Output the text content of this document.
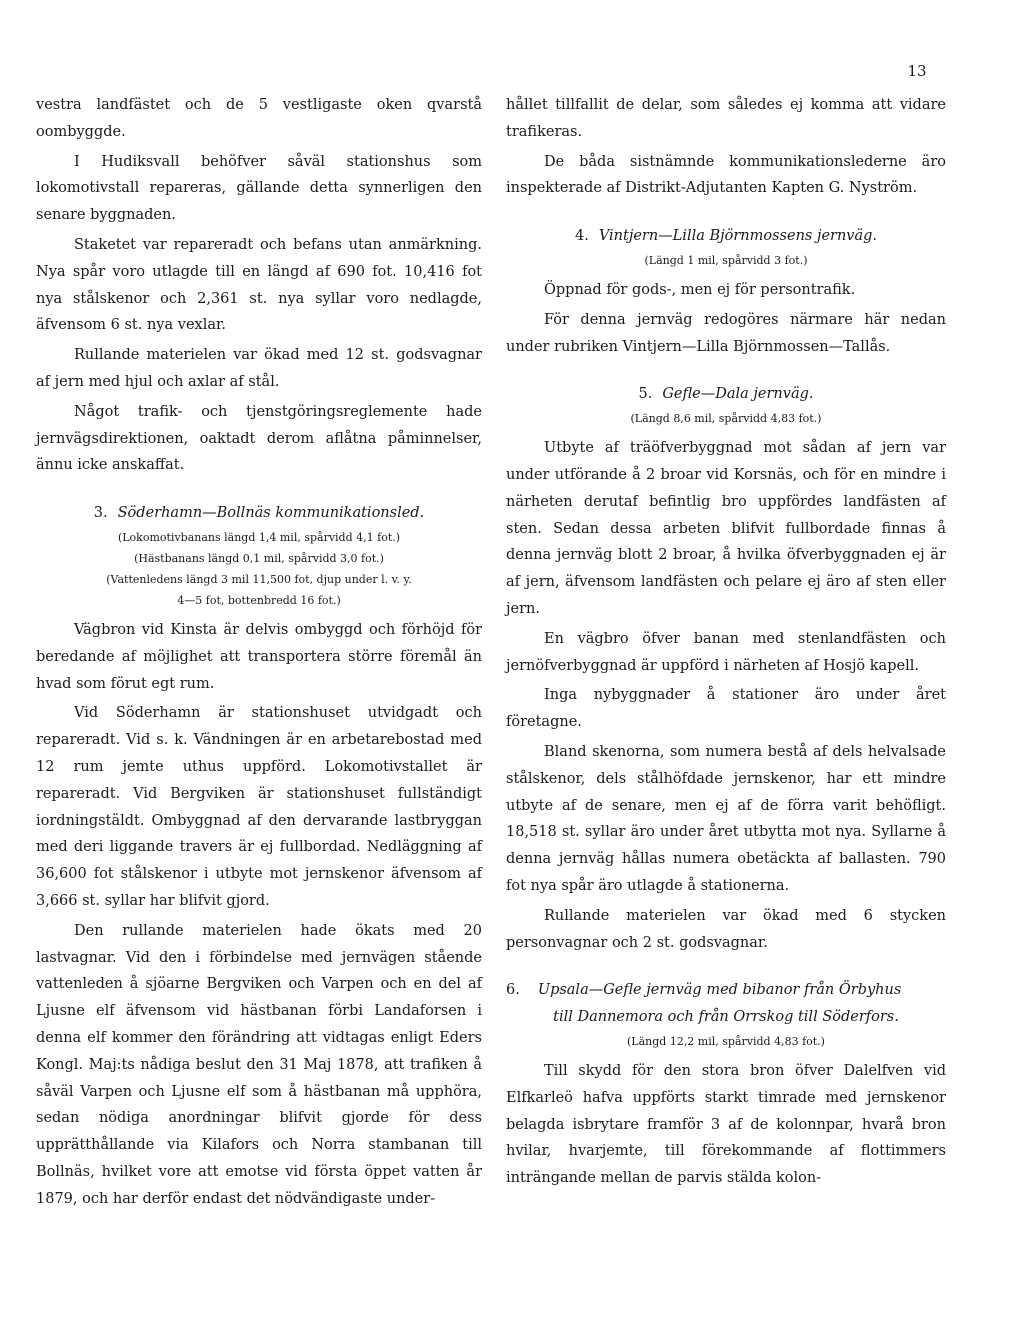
13

vestra landfästet och de 5 vestligaste oken qvarstå oombyggde.

I Hudiksvall behöfver såväl stationshus som lokomotivstall repareras, gällande detta synnerligen den senare byggnaden.

Staketet var repareradt och befans utan anmärkning. Nya spår voro utlagde till en längd af 690 fot. 10,416 fot nya stålskenor och 2,361 st. nya syllar voro nedlagde, äfvensom 6 st. nya vexlar.

Rullande materielen var ökad med 12 st. godsvagnar af jern med hjul och axlar af stål.

Något trafik- och tjenstgöringsreglemente hade jernvägsdirektionen, oaktadt derom aflåtna påminnelser, ännu icke anskaffat.

3. Söderhamn—Bollnäs kommunikationsled.

(Lokomotivbanans längd 1,4 mil, spårvidd 4,1 fot.)

(Hästbanans längd 0,1 mil, spårvidd 3,0 fot.)

(Vattenledens längd 3 mil 11,500 fot, djup under l. v. y.

4—5 fot, bottenbredd 16 fot.)

Vägbron vid Kinsta är delvis ombyggd och förhöjd för beredande af möjlighet att transportera större föremål än hvad som förut egt rum.

Vid Söderhamn är stationshuset utvidgadt och repareradt. Vid s. k. Vändningen är en arbetarebostad med 12 rum jemte uthus uppförd. Lokomotivstallet är repareradt. Vid Bergviken är stationshuset fullständigt iordningstäldt. Ombyggnad af den dervarande lastbryggan med deri liggande travers är ej fullbordad. Nedläggning af 36,600 fot stålskenor i utbyte mot jernskenor äfvensom af 3,666 st. syllar har blifvit gjord.

Den rullande materielen hade ökats med 20 lastvagnar. Vid den i förbindelse med jernvägen stående vattenleden å sjöarne Bergviken och Varpen och en del af Ljusne elf äfvensom vid hästbanan förbi Landaforsen i denna elf kommer den förändring att vidtagas enligt Eders Kongl. Maj:ts nådiga beslut den 31 Maj 1878, att trafiken å såväl Varpen och Ljusne elf som å hästbanan må upphöra, sedan nödiga anordningar blifvit gjorde för dess upprätthållande via Kilafors och Norra stambanan till Bollnäs, hvilket vore att emotse vid första öppet vatten år 1879, och har derför endast det nödvändigaste under-

hållet tillfallit de delar, som således ej komma att vidare trafikeras.

De båda sistnämnde kommunikationslederne äro inspekterade af Distrikt-Adjutanten Kapten G. Nyström.

4. Vintjern—Lilla Björnmossens jernväg.

(Längd 1 mil, spårvidd 3 fot.)

Öppnad för gods-, men ej för persontrafik.

För denna jernväg redogöres närmare här nedan under rubriken Vintjern—Lilla Björnmossen—Tallås.

5. Gefle—Dala jernväg.

(Längd 8,6 mil, spårvidd 4,83 fot.)

Utbyte af träöfverbyggnad mot sådan af jern var under utförande å 2 broar vid Korsnäs, och för en mindre i närheten derutaf befintlig bro uppfördes landfästen af sten. Sedan dessa arbeten blifvit fullbordade finnas å denna jernväg blott 2 broar, å hvilka öfverbyggnaden ej är af jern, äfvensom landfästen och pelare ej äro af sten eller jern.

En vägbro öfver banan med stenlandfästen och jernöfverbyggnad är uppförd i närheten af Hosjö kapell.

Inga nybyggnader å stationer äro under året företagne.

Bland skenorna, som numera bestå af dels helvalsade stålskenor, dels stålhöfdade jernskenor, har ett mindre utbyte af de senare, men ej af de förra varit behöfligt. 18,518 st. syllar äro under året utbytta mot nya. Syllarne å denna jernväg hållas numera obetäckta af ballasten. 790 fot nya spår äro utlagde å stationerna.

Rullande materielen var ökad med 6 stycken personvagnar och 2 st. godsvagnar.

6. Upsala—Gefle jernväg med bibanor från Örbyhus
till Dannemora och från Orrskog till Söderfors.

(Längd 12,2 mil, spårvidd 4,83 fot.)

Till skydd för den stora bron öfver Dalelfven vid Elfkarleö hafva uppförts starkt timrade med jernskenor belagda isbrytare framför 3 af de kolonnpar, hvarå bron hvilar, hvarjemte, till förekommande af flottimmers inträngande mellan de parvis stälda kolon-
